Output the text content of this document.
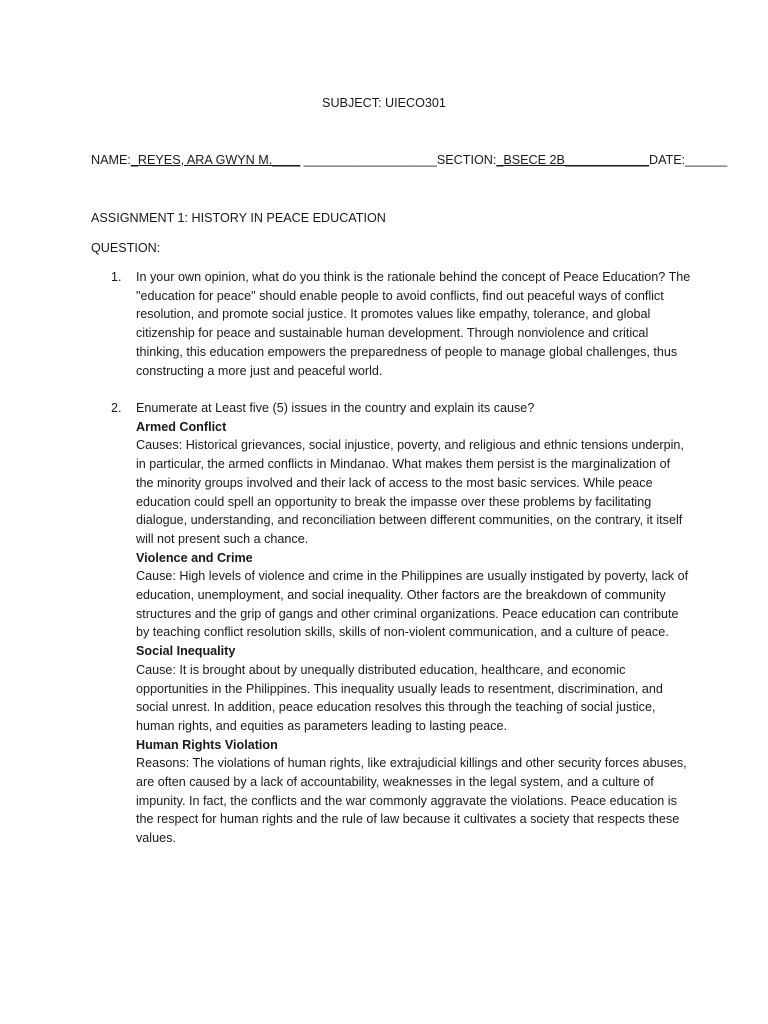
SUBJECT: UIECO301
NAME:_REYES, ARA GWYN M.____ ___________________SECTION:_BSECE 2B____________DATE:______
ASSIGNMENT 1: HISTORY IN PEACE EDUCATION
QUESTION:
1. In your own opinion, what do you think is the rationale behind the concept of Peace Education? The "education for peace" should enable people to avoid conflicts, find out peaceful ways of conflict resolution, and promote social justice. It promotes values like empathy, tolerance, and global citizenship for peace and sustainable human development. Through nonviolence and critical thinking, this education empowers the preparedness of people to manage global challenges, thus constructing a more just and peaceful world.

2. Enumerate at Least five (5) issues in the country and explain its cause?

Armed Conflict

Causes: Historical grievances, social injustice, poverty, and religious and ethnic tensions underpin, in particular, the armed conflicts in Mindanao. What makes them persist is the marginalization of the minority groups involved and their lack of access to the most basic services. While peace education could spell an opportunity to break the impasse over these problems by facilitating dialogue, understanding, and reconciliation between different communities, on the contrary, it itself will not present such a chance.

Violence and Crime

Cause: High levels of violence and crime in the Philippines are usually instigated by poverty, lack of education, unemployment, and social inequality. Other factors are the breakdown of community structures and the grip of gangs and other criminal organizations. Peace education can contribute by teaching conflict resolution skills, skills of non-violent communication, and a culture of peace.

Social Inequality

Cause: It is brought about by unequally distributed education, healthcare, and economic opportunities in the Philippines. This inequality usually leads to resentment, discrimination, and social unrest. In addition, peace education resolves this through the teaching of social justice, human rights, and equities as parameters leading to lasting peace.

Human Rights Violation

Reasons: The violations of human rights, like extrajudicial killings and other security forces abuses, are often caused by a lack of accountability, weaknesses in the legal system, and a culture of impunity. In fact, the conflicts and the war commonly aggravate the violations. Peace education is the respect for human rights and the rule of law because it cultivates a society that respects these values.
